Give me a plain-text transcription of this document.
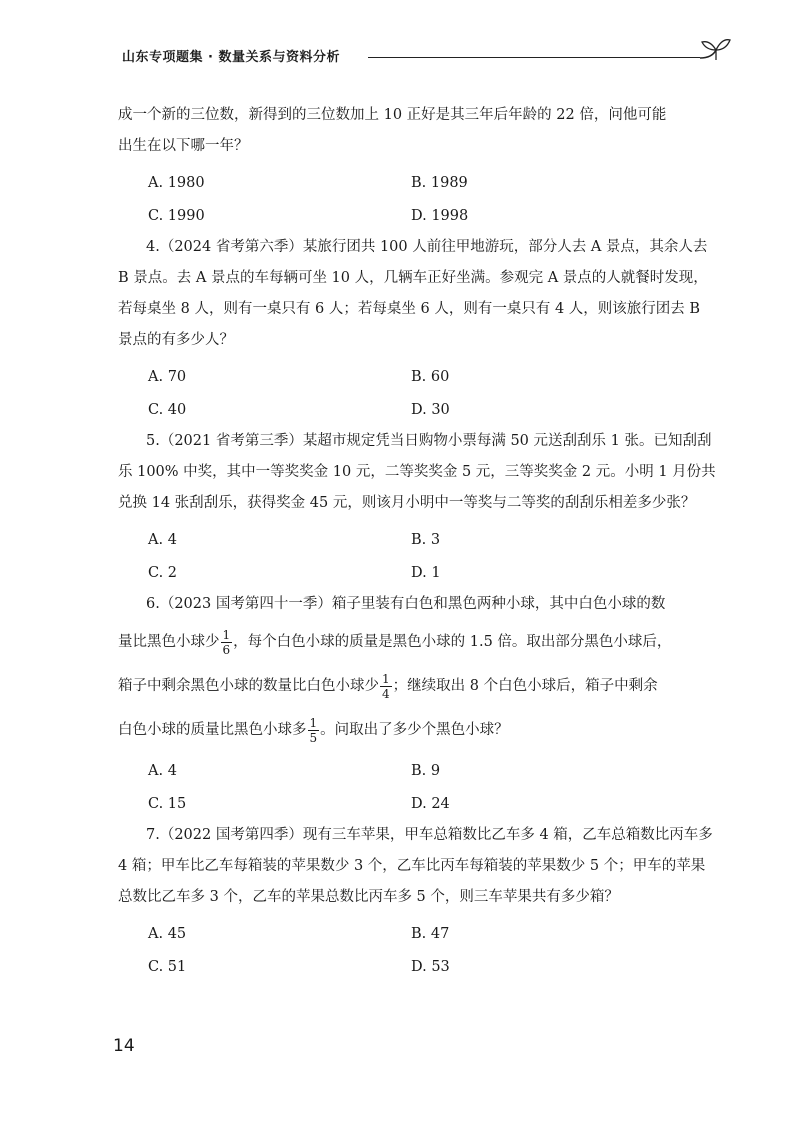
山东专项题集 · 数量关系与资料分析

成一个新的三位数，新得到的三位数加上 10 正好是其三年后年龄的 22 倍，问他可能

出生在以下哪一年？

A. 1980	B. 1989
C. 1990	D. 1998

4.（2024 省考第六季）某旅行团共 100 人前往甲地游玩，部分人去 A 景点，其余人去 B 景点。去 A 景点的车每辆可坐 10 人，几辆车正好坐满。参观完 A 景点的人就餐时发现，若每桌坐 8 人，则有一桌只有 6 人；若每桌坐 6 人，则有一桌只有 4 人，则该旅行团去 B 景点的有多少人？

A. 70	B. 60
C. 40	D. 30

5.（2021 省考第三季）某超市规定凭当日购物小票每满 50 元送刮刮乐 1 张。已知刮刮乐 100% 中奖，其中一等奖奖金 10 元，二等奖奖金 5 元，三等奖奖金 2 元。小明 1 月份共兑换 14 张刮刮乐，获得奖金 45 元，则该月小明中一等奖与二等奖的刮刮乐相差多少张？

A. 4	B. 3
C. 2	D. 1

6.（2023 国考第四十一季）箱子里装有白色和黑色两种小球，其中白色小球的数

量比黑色小球少 $\frac{1}{6}$ ，每个白色小球的质量是黑色小球的 1.5 倍。取出部分黑色小球后，

箱子中剩余黑色小球的数量比白色小球少 $\frac{1}{4}$ ；继续取出 8 个白色小球后，箱子中剩余

白色小球的质量比黑色小球多 $\frac{1}{5}$ 。问取出了多少个黑色小球？

A. 4	B. 9
C. 15	D. 24

7.（2022 国考第四季）现有三车苹果，甲车总箱数比乙车多 4 箱，乙车总箱数比丙车多 4 箱；甲车比乙车每箱装的苹果数少 3 个，乙车比丙车每箱装的苹果数少 5 个；甲车的苹果总数比乙车多 3 个，乙车的苹果总数比丙车多 5 个，则三车苹果共有多少箱？

A. 45	B. 47
C. 51	D. 53
14
